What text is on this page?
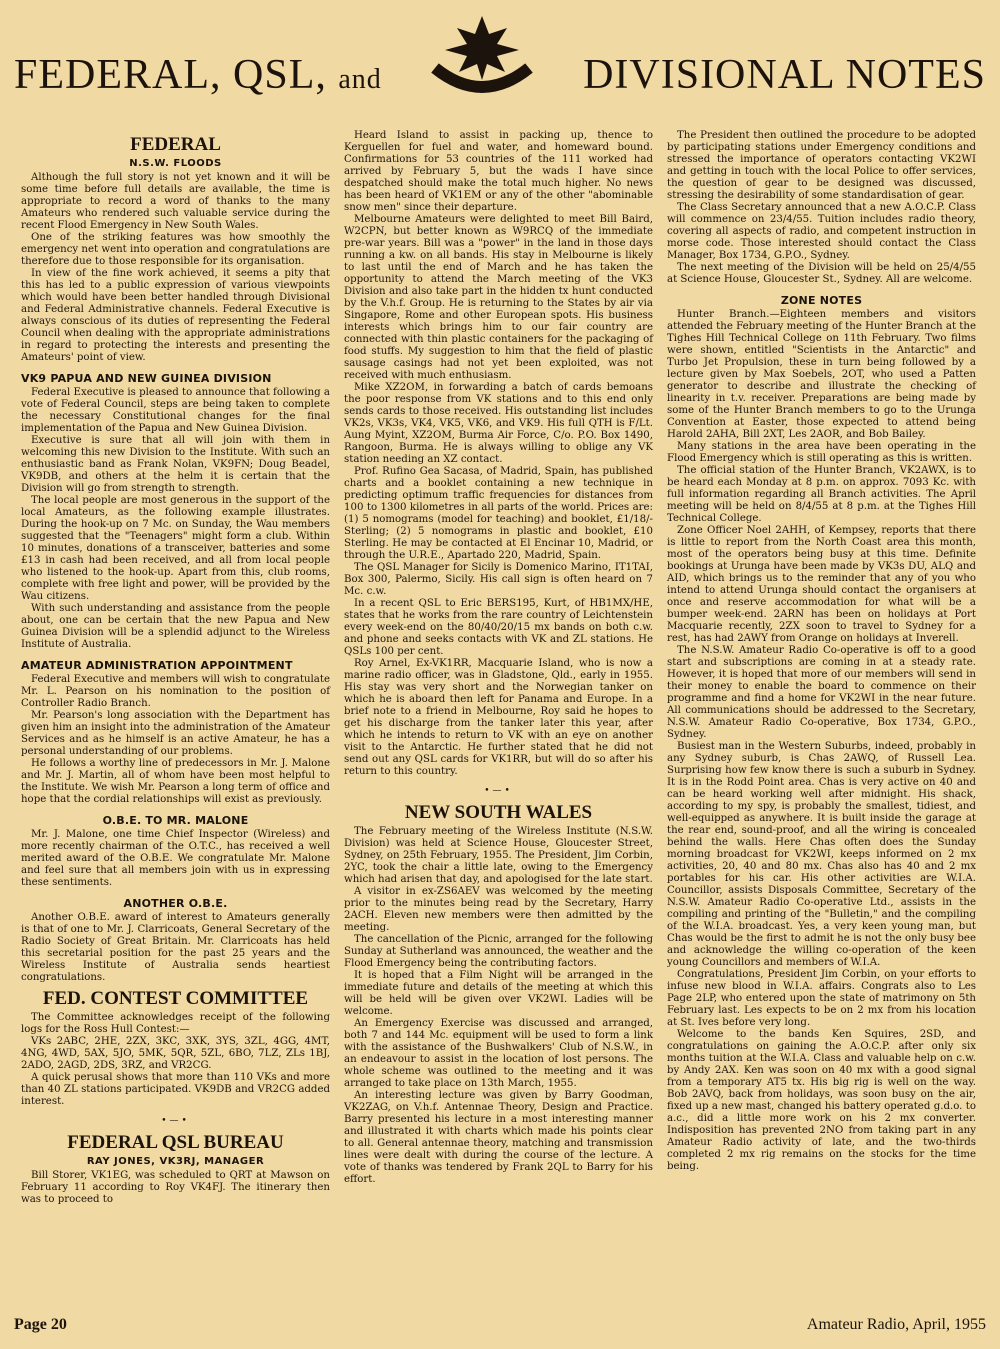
FEDERAL, QSL, and	DIVISIONAL NOTES
FEDERAL
N.S.W. FLOODS

Although the full story is not yet known and it will be some time before full details are available, the time is appropriate to record a word of thanks to the many Amateurs who rendered such valuable service during the recent Flood Emergency in New South Wales.

One of the striking features was how smoothly the emergency net went into operation and congratulations are therefore due to those responsible for its organisation.

In view of the fine work achieved, it seems a pity that this has led to a public expression of various viewpoints which would have been better handled through Divisional and Federal Administrative channels. Federal Executive is always conscious of its duties of representing the Federal Council when dealing with the appropriate administrations in regard to protecting the interests and presenting the Amateurs' point of view.

VK9 PAPUA AND NEW GUINEA DIVISION

Federal Executive is pleased to announce that following a vote of Federal Council, steps are being taken to complete the necessary Constitutional changes for the final implementation of the Papua and New Guinea Division.

Executive is sure that all will join with them in welcoming this new Division to the Institute. With such an enthusiastic band as Frank Nolan, VK9FN; Doug Beadel, VK9DB, and others at the helm it is certain that the Division will go from strength to strength.

The local people are most generous in the support of the local Amateurs, as the following example illustrates. During the hook-up on 7 Mc. on Sunday, the Wau members suggested that the "Teenagers" might form a club. Within 10 minutes, donations of a transceiver, batteries and some £13 in cash had been received, and all from local people who listened to the hook-up. Apart from this, club rooms, complete with free light and power, will be provided by the Wau citizens.

With such understanding and assistance from the people about, one can be certain that the new Papua and New Guinea Division will be a splendid adjunct to the Wireless Institute of Australia.

AMATEUR ADMINISTRATION APPOINTMENT

Federal Executive and members will wish to congratulate Mr. L. Pearson on his nomination to the position of Controller Radio Branch.

Mr. Pearson's long association with the Department has given him an insight into the administration of the Amateur Services and as he himself is an active Amateur, he has a personal understanding of our problems.

He follows a worthy line of predecessors in Mr. J. Malone and Mr. J. Martin, all of whom have been most helpful to the Institute. We wish Mr. Pearson a long term of office and hope that the cordial relationships will exist as previously.

O.B.E. TO MR. MALONE

Mr. J. Malone, one time Chief Inspector (Wireless) and more recently chairman of the O.T.C., has received a well merited award of the O.B.E. We congratulate Mr. Malone and feel sure that all members join with us in expressing these sentiments.

ANOTHER O.B.E.

Another O.B.E. award of interest to Amateurs generally is that of one to Mr. J. Clarricoats, General Secretary of the Radio Society of Great Britain. Mr. Clarricoats has held this secretarial position for the past 25 years and the Wireless Institute of Australia sends heartiest congratulations.

FED. CONTEST COMMITTEE

The Committee acknowledges receipt of the following logs for the Ross Hull Contest:—

VKs 2ABC, 2HE, 2ZX, 3KC, 3XK, 3YS, 3ZL, 4GG, 4MT, 4NG, 4WD, 5AX, 5JO, 5MK, 5QR, 5ZL, 6BO, 7LZ, ZLs 1BJ, 2ADO, 2AGD, 2DS, 3RZ, and VR2CG.

A quick perusal shows that more than 110 VKs and more than 40 ZL stations participated. VK9DB and VR2CG added interest.

•—•
FEDERAL QSL BUREAU
RAY JONES, VK3RJ, MANAGER

Bill Storer, VK1EG, was scheduled to QRT at Mawson on February 11 according to Roy VK4FJ. The itinerary then was to proceed to

Heard Island to assist in packing up, thence to Kerguellen for fuel and water, and homeward bound. Confirmations for 53 countries of the 111 worked had arrived by February 5, but the wads I have since despatched should make the total much higher. No news has been heard of VK1EM or any of the other "abominable snow men" since their departure.

Melbourne Amateurs were delighted to meet Bill Baird, W2CPN, but better known as W9RCQ of the immediate pre-war years. Bill was a "power" in the land in those days running a kw. on all bands. His stay in Melbourne is likely to last until the end of March and he has taken the opportunity to attend the March meeting of the VK3 Division and also take part in the hidden tx hunt conducted by the V.h.f. Group. He is returning to the States by air via Singapore, Rome and other European spots. His business interests which brings him to our fair country are connected with thin plastic containers for the packaging of food stuffs. My suggestion to him that the field of plastic sausage casings had not yet been exploited, was not received with much enthusiasm.

Mike XZ2OM, in forwarding a batch of cards bemoans the poor response from VK stations and to this end only sends cards to those received. His outstanding list includes VK2s, VK3s, VK4, VK5, VK6, and VK9. His full QTH is F/Lt. Aung Myint, XZ2OM, Burma Air Force, C/o. P.O. Box 1490, Rangoon, Burma. He is always willing to oblige any VK station needing an XZ contact.

Prof. Rufino Gea Sacasa, of Madrid, Spain, has published charts and a booklet containing a new technique in predicting optimum traffic frequencies for distances from 100 to 1300 kilometres in all parts of the world. Prices are: (1) 5 nomograms (model for teaching) and booklet, £1/18/- Sterling; (2) 5 nomograms in plastic and booklet, £10 Sterling. He may be contacted at El Encinar 10, Madrid, or through the U.R.E., Apartado 220, Madrid, Spain.

The QSL Manager for Sicily is Domenico Marino, IT1TAI, Box 300, Palermo, Sicily. His call sign is often heard on 7 Mc. c.w.

In a recent QSL to Eric BERS195, Kurt, of HB1MX/HE, states that he works from the rare country of Leichtenstein every week-end on the 80/40/20/15 mx bands on both c.w. and phone and seeks contacts with VK and ZL stations. He QSLs 100 per cent.

Roy Arnel, Ex-VK1RR, Macquarie Island, who is now a marine radio officer, was in Gladstone, Qld., early in 1955. His stay was very short and the Norwegian tanker on which he is aboard then left for Panama and Europe. In a brief note to a friend in Melbourne, Roy said he hopes to get his discharge from the tanker later this year, after which he intends to return to VK with an eye on another visit to the Antarctic. He further stated that he did not send out any QSL cards for VK1RR, but will do so after his return to this country.

•—•
NEW SOUTH WALES

The February meeting of the Wireless Institute (N.S.W. Division) was held at Science House, Gloucester Street, Sydney, on 25th February, 1955. The President, Jim Corbin, 2YC, took the chair a little late, owing to the Emergency which had arisen that day, and apologised for the late start.

A visitor in ex-ZS6AEV was welcomed by the meeting prior to the minutes being read by the Secretary, Harry 2ACH. Eleven new members were then admitted by the meeting.

The cancellation of the Picnic, arranged for the following Sunday at Sutherland was announced, the weather and the Flood Emergency being the contributing factors.

It is hoped that a Film Night will be arranged in the immediate future and details of the meeting at which this will be held will be given over VK2WI. Ladies will be welcome.

An Emergency Exercise was discussed and arranged, both 7 and 144 Mc. equipment will be used to form a link with the assistance of the Bushwalkers' Club of N.S.W., in an endeavour to assist in the location of lost persons. The whole scheme was outlined to the meeting and it was arranged to take place on 13th March, 1955.

An interesting lecture was given by Barry Goodman, VK2ZAG, on V.h.f. Antennae Theory, Design and Practice. Barry presented his lecture in a most interesting manner and illustrated it with charts which made his points clear to all. General antennae theory, matching and transmission lines were dealt with during the course of the lecture. A vote of thanks was tendered by Frank 2QL to Barry for his effort.

The President then outlined the procedure to be adopted by participating stations under Emergency conditions and stressed the importance of operators contacting VK2WI and getting in touch with the local Police to offer services, the question of gear to be designed was discussed, stressing the desirability of some standardisation of gear.

The Class Secretary announced that a new A.O.C.P. Class will commence on 23/4/55. Tuition includes radio theory, covering all aspects of radio, and competent instruction in morse code. Those interested should contact the Class Manager, Box 1734, G.P.O., Sydney.

The next meeting of the Division will be held on 25/4/55 at Science House, Gloucester St., Sydney. All are welcome.

ZONE NOTES

Hunter Branch.—Eighteen members and visitors attended the February meeting of the Hunter Branch at the Tighes Hill Technical College on 11th February. Two films were shown, entitled "Scientists in the Antarctic" and Turbo Jet Propulsion, these in turn being followed by a lecture given by Max Soebels, 2OT, who used a Patten generator to describe and illustrate the checking of linearity in t.v. receiver. Preparations are being made by some of the Hunter Branch members to go to the Urunga Convention at Easter, those expected to attend being Harold 2AHA, Bill 2XT, Les 2AOR, and Bob Bailey.

Many stations in the area have been operating in the Flood Emergency which is still operating as this is written.

The official station of the Hunter Branch, VK2AWX, is to be heard each Monday at 8 p.m. on approx. 7093 Kc. with full information regarding all Branch activities. The April meeting will be held on 8/4/55 at 8 p.m. at the Tighes Hill Technical College.

Zone Officer Noel 2AHH, of Kempsey, reports that there is little to report from the North Coast area this month, most of the operators being busy at this time. Definite bookings at Urunga have been made by VK3s DU, ALQ and AID, which brings us to the reminder that any of you who intend to attend Urunga should contact the organisers at once and reserve accommodation for what will be a bumper week-end. 2ARN has been on holidays at Port Macquarie recently, 2ZX soon to travel to Sydney for a rest, has had 2AWY from Orange on holidays at Inverell.

The N.S.W. Amateur Radio Co-operative is off to a good start and subscriptions are coming in at a steady rate. However, it is hoped that more of our members will send in their money to enable the board to commence on their programme and find a home for VK2WI in the near future. All communications should be addressed to the Secretary, N.S.W. Amateur Radio Co-operative, Box 1734, G.P.O., Sydney.

Busiest man in the Western Suburbs, indeed, probably in any Sydney suburb, is Chas 2AWQ, of Russell Lea. Surprising how few know there is such a suburb in Sydney. It is in the Rodd Point area. Chas is very active on 40 and can be heard working well after midnight. His shack, according to my spy, is probably the smallest, tidiest, and well-equipped as anywhere. It is built inside the garage at the rear end, sound-proof, and all the wiring is concealed behind the walls. Here Chas often does the Sunday morning broadcast for VK2WI, keeps informed on 2 mx activities, 20, 40 and 80 mx. Chas also has 40 and 2 mx portables for his car. His other activities are W.I.A. Councillor, assists Disposals Committee, Secretary of the N.S.W. Amateur Radio Co-operative Ltd., assists in the compiling and printing of the "Bulletin," and the compiling of the W.I.A. broadcast. Yes, a very keen young man, but Chas would be the first to admit he is not the only busy bee and acknowledge the willing co-operation of the keen young Councillors and members of W.I.A.

Congratulations, President Jim Corbin, on your efforts to infuse new blood in W.I.A. affairs. Congrats also to Les Page 2LP, who entered upon the state of matrimony on 5th February last. Les expects to be on 2 mx from his location at St. Ives before very long.

Welcome to the bands Ken Squires, 2SD, and congratulations on gaining the A.O.C.P. after only six months tuition at the W.I.A. Class and valuable help on c.w. by Andy 2AX. Ken was soon on 40 mx with a good signal from a temporary AT5 tx. His big rig is well on the way. Bob 2AVQ, back from holidays, was soon busy on the air, fixed up a new mast, changed his battery operated g.d.o. to a.c., did a little more work on his 2 mx converter. Indisposition has prevented 2NO from taking part in any Amateur Radio activity of late, and the two-thirds completed 2 mx rig remains on the stocks for the time being.

Page 20	Amateur Radio, April, 1955
